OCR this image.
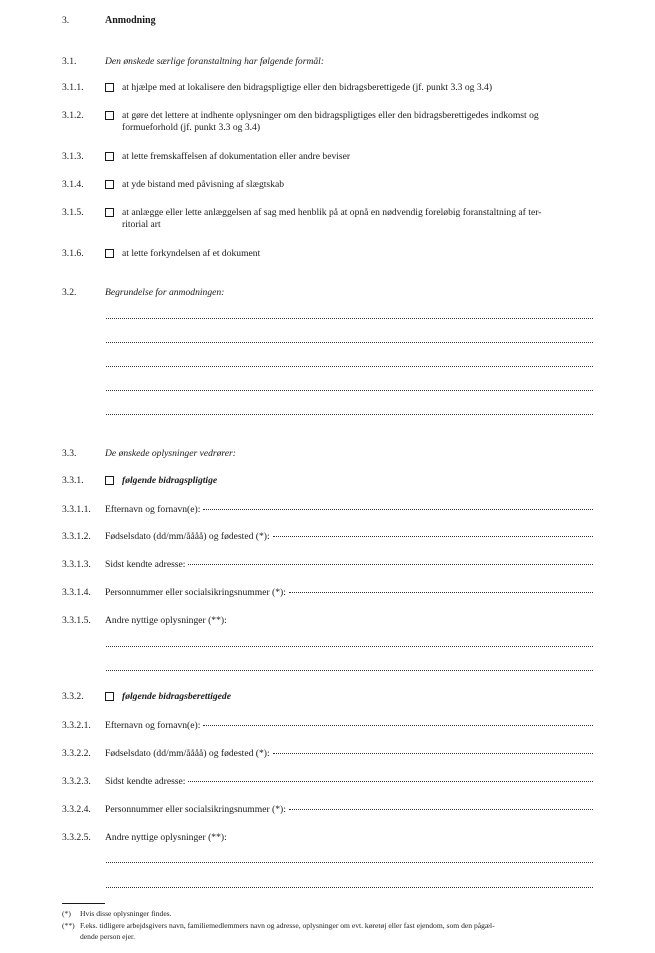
3.	Anmodning
3.1.	Den ønskede særlige foranstaltning har følgende formål:
3.1.1.	at hjælpe med at lokalisere den bidragspligtige eller den bidragsberettigede (jf. punkt 3.3 og 3.4)
3.1.2.	at gøre det lettere at indhente oplysninger om den bidragspligtiges eller den bidragsberettigedes indkomst og
formueforhold (jf. punkt 3.3 og 3.4)
3.1.3.	at lette fremskaffelsen af dokumentation eller andre beviser
3.1.4.	at yde bistand med påvisning af slægtskab
3.1.5.	at anlægge eller lette anlæggelsen af sag med henblik på at opnå en nødvendig foreløbig foranstaltning af ter-
ritorial art
3.1.6.	at lette forkyndelsen af et dokument
3.2.	Begrundelse for anmodningen:
3.3.	De ønskede oplysninger vedrører:
3.3.1.	følgende bidragspligtige
3.3.1.1.	Efternavn og fornavn(e):
3.3.1.2.	Fødselsdato (dd/mm/åååå) og fødested (*):
3.3.1.3.	Sidst kendte adresse:
3.3.1.4.	Personnummer eller socialsikringsnummer (*):
3.3.1.5. Andre nyttige oplysninger (**):
3.3.2.	følgende bidragsberettigede
3.3.2.1.	Efternavn og fornavn(e):
3.3.2.2.	Fødselsdato (dd/mm/åååå) og fødested (*):
3.3.2.3.	Sidst kendte adresse:
3.3.2.4.	Personnummer eller socialsikringsnummer (*):
3.3.2.5. Andre nyttige oplysninger (**):
(*) Hvis disse oplysninger findes.
(**) F.eks. tidligere arbejdsgivers navn, familiemedlemmers navn og adresse, oplysninger om evt. køretøj eller fast ejendom, som den pågæl-
dende person ejer.
